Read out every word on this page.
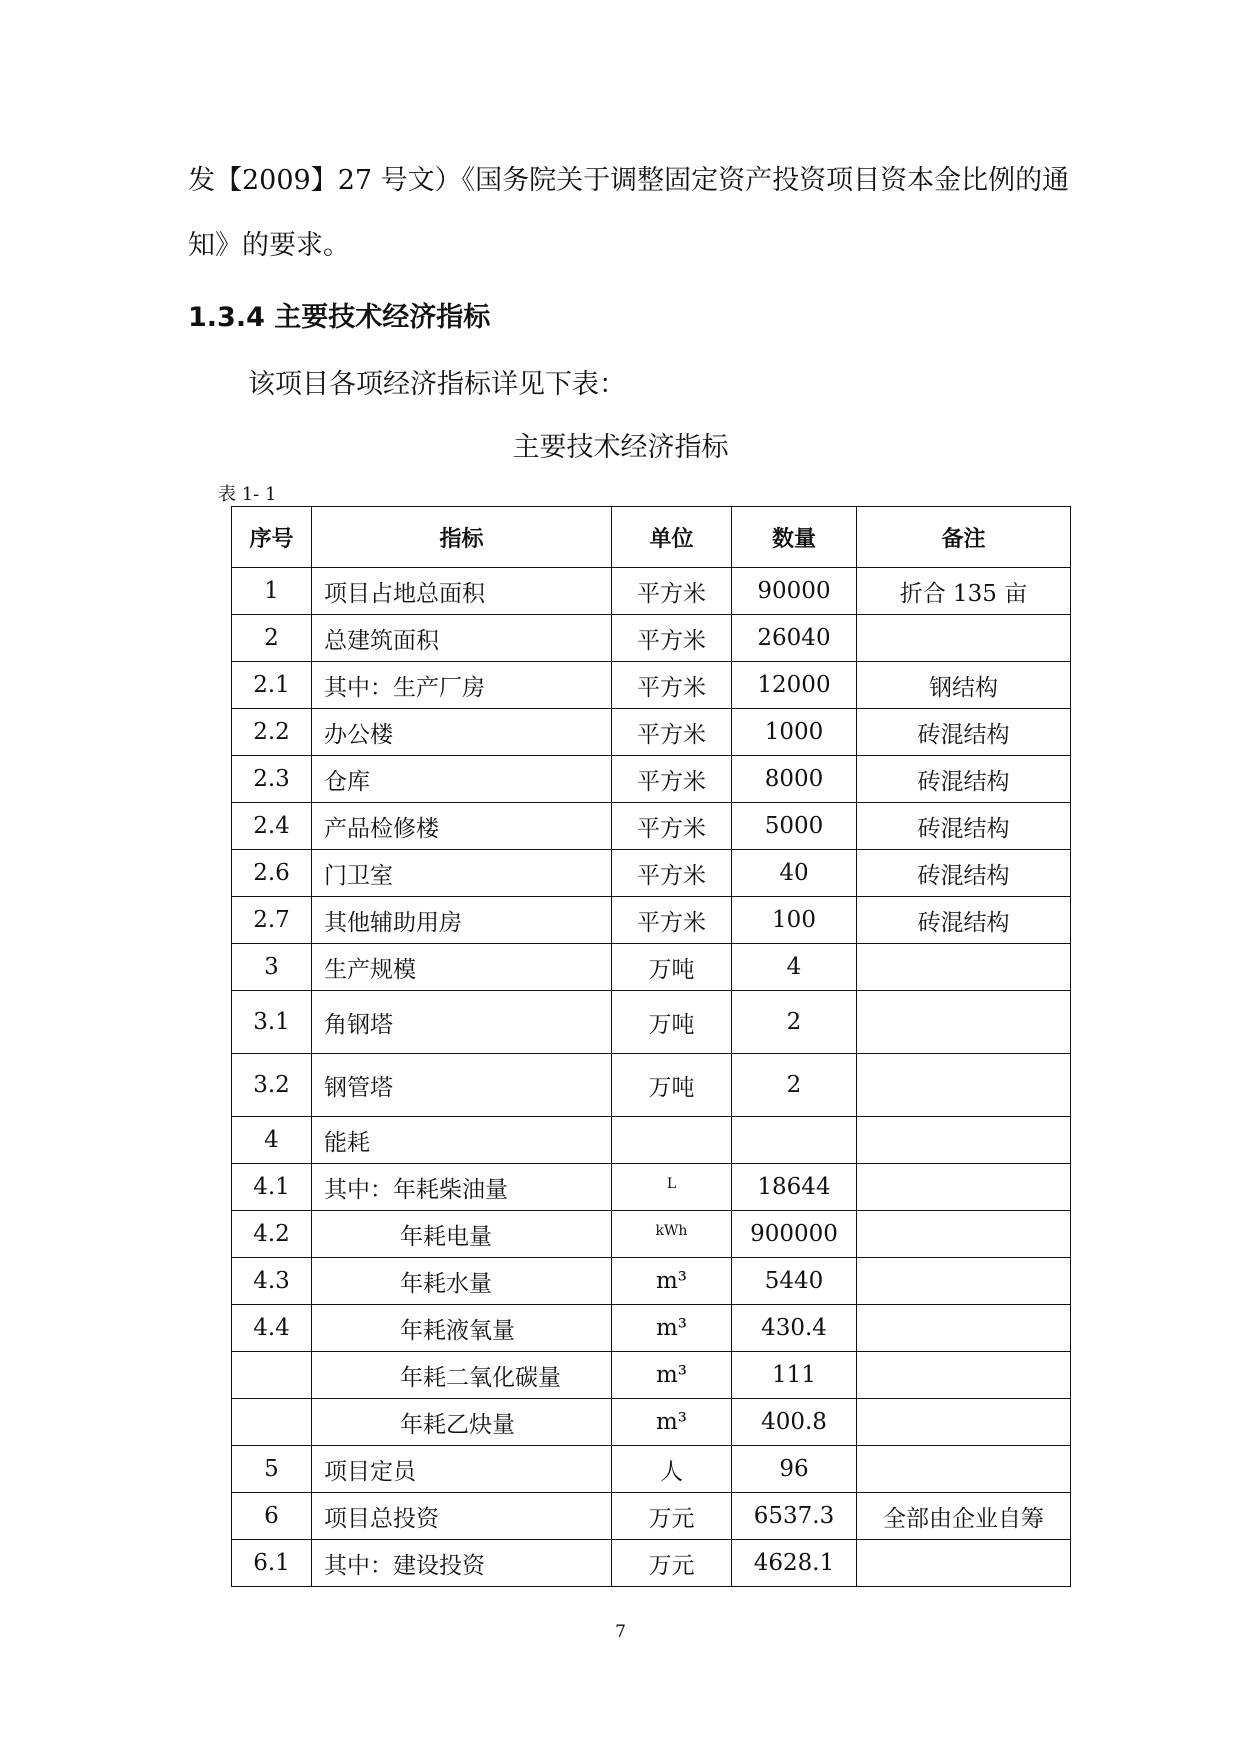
发【2009】27 号文）《国务院关于调整固定资产投资项目资本金比例的通
知》的要求。
1.3.4 主要技术经济指标
该项目各项经济指标详见下表：
主要技术经济指标
表 1- 1
序号	指标	单位	数量	备注
1	项目占地总面积	平方米	90000	折合 135 亩
2	总建筑面积	平方米	26040	
2.1	其中：生产厂房	平方米	12000	钢结构
2.2	办公楼	平方米	1000	砖混结构
2.3	仓库	平方米	8000	砖混结构
2.4	产品检修楼	平方米	5000	砖混结构
2.6	门卫室	平方米	40	砖混结构
2.7	其他辅助用房	平方米	100	砖混结构
3	生产规模	万吨	4	
3.1	角钢塔	万吨	2	
3.2	钢管塔	万吨	2	
4	能耗			
4.1	其中：年耗柴油量	$^L$	18644	
4.2	年耗电量	$^{kWh}$	900000	
4.3	年耗水量	m³	5440	
4.4	年耗液氧量	m³	430.4	
	年耗二氧化碳量	m³	111	
	年耗乙炔量	m³	400.8	
5	项目定员	人	96	
6	项目总投资	万元	6537.3	全部由企业自筹
6.1	其中：建设投资	万元	4628.1	
7
